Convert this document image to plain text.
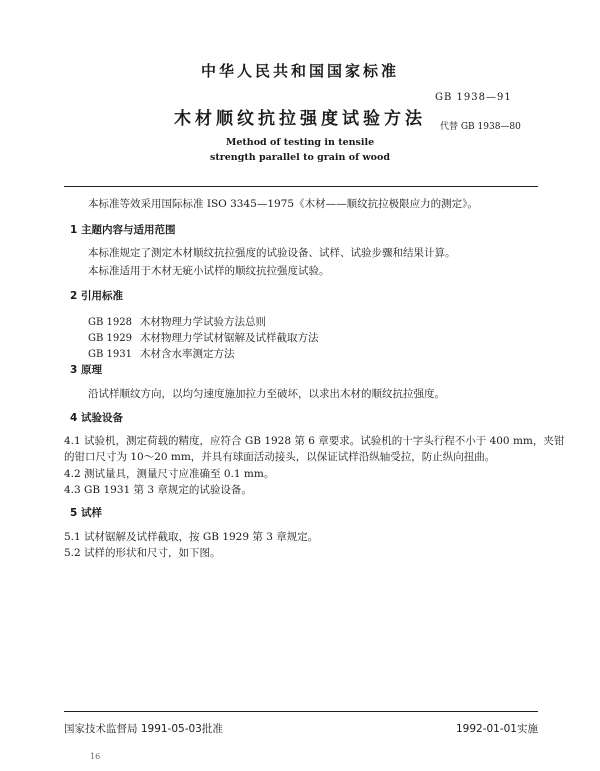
中华人民共和国国家标准
GB 1938—91
木材顺纹抗拉强度试验方法	代替 GB 1938—80
Method of testing in tensile
strength parallel to grain of wood
本标准等效采用国际标准 ISO 3345—1975《木材——顺纹抗拉极限应力的测定》。
1 主题内容与适用范围
本标准规定了测定木材顺纹抗拉强度的试验设备、试样、试验步骤和结果计算。
本标准适用于木材无疵小试样的顺纹抗拉强度试验。
2 引用标准
GB 1928 木材物理力学试验方法总则
GB 1929 木材物理力学试材锯解及试样截取方法
GB 1931 木材含水率测定方法
3 原理
沿试样顺纹方向，以均匀速度施加拉力至破坏，以求出木材的顺纹抗拉强度。
4 试验设备
4.1 试验机，测定荷载的精度，应符合 GB 1928 第 6 章要求。试验机的十字头行程不小于 400 mm，夹钳
的钳口尺寸为 10～20 mm，并具有球面活动接头，以保证试样沿纵轴受拉，防止纵向扭曲。
4.2 测试量具，测量尺寸应准确至 0.1 mm。
4.3 GB 1931 第 3 章规定的试验设备。
5 试样
5.1 试材锯解及试样截取，按 GB 1929 第 3 章规定。
5.2 试样的形状和尺寸，如下图。
国家技术监督局 1991-05-03批准	1992-01-01实施
16
